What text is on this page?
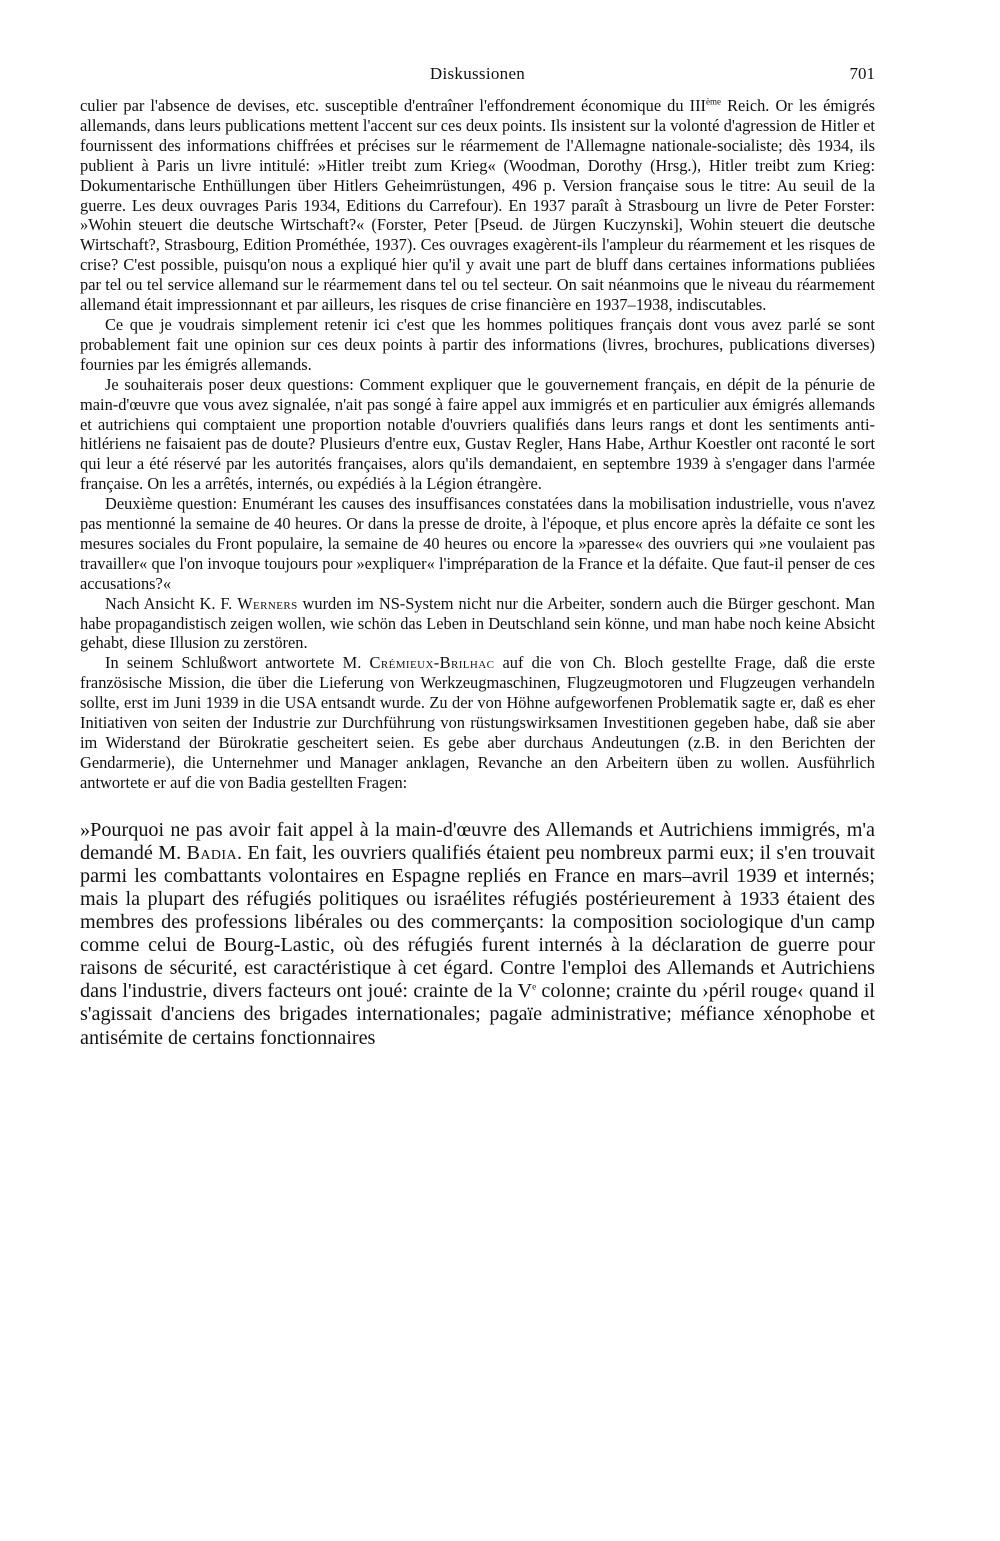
Diskussionen	701

culier par l'absence de devises, etc. susceptible d'entraîner l'effondrement économique du IIIème Reich. Or les émigrés allemands, dans leurs publications mettent l'accent sur ces deux points. Ils insistent sur la volonté d'agression de Hitler et fournissent des informations chiffrées et précises sur le réarmement de l'Allemagne nationale-socialiste; dès 1934, ils publient à Paris un livre intitulé: »Hitler treibt zum Krieg« (Woodman, Dorothy (Hrsg.), Hitler treibt zum Krieg: Dokumentarische Enthüllungen über Hitlers Geheimrüstungen, 496 p. Version française sous le titre: Au seuil de la guerre. Les deux ouvrages Paris 1934, Editions du Carrefour). En 1937 paraît à Strasbourg un livre de Peter Forster: »Wohin steuert die deutsche Wirtschaft?« (Forster, Peter [Pseud. de Jürgen Kuczynski], Wohin steuert die deutsche Wirtschaft?, Strasbourg, Edition Prométhée, 1937). Ces ouvrages exagèrent-ils l'ampleur du réarmement et les risques de crise? C'est possible, puisqu'on nous a expliqué hier qu'il y avait une part de bluff dans certaines informations publiées par tel ou tel service allemand sur le réarmement dans tel ou tel secteur. On sait néanmoins que le niveau du réarmement allemand était impressionnant et par ailleurs, les risques de crise financière en 1937–1938, indiscutables.

Ce que je voudrais simplement retenir ici c'est que les hommes politiques français dont vous avez parlé se sont probablement fait une opinion sur ces deux points à partir des informations (livres, brochures, publications diverses) fournies par les émigrés allemands.

Je souhaiterais poser deux questions: Comment expliquer que le gouvernement français, en dépit de la pénurie de main-d'œuvre que vous avez signalée, n'ait pas songé à faire appel aux immigrés et en particulier aux émigrés allemands et autrichiens qui comptaient une proportion notable d'ouvriers qualifiés dans leurs rangs et dont les sentiments anti-hitlériens ne faisaient pas de doute? Plusieurs d'entre eux, Gustav Regler, Hans Habe, Arthur Koestler ont raconté le sort qui leur a été réservé par les autorités françaises, alors qu'ils demandaient, en septembre 1939 à s'engager dans l'armée française. On les a arrêtés, internés, ou expédiés à la Légion étrangère.

Deuxième question: Enumérant les causes des insuffisances constatées dans la mobilisation industrielle, vous n'avez pas mentionné la semaine de 40 heures. Or dans la presse de droite, à l'époque, et plus encore après la défaite ce sont les mesures sociales du Front populaire, la semaine de 40 heures ou encore la »paresse« des ouvriers qui »ne voulaient pas travailler« que l'on invoque toujours pour »expliquer« l'impréparation de la France et la défaite. Que faut-il penser de ces accusations?«

Nach Ansicht K. F. Werners wurden im NS-System nicht nur die Arbeiter, sondern auch die Bürger geschont. Man habe propagandistisch zeigen wollen, wie schön das Leben in Deutschland sein könne, und man habe noch keine Absicht gehabt, diese Illusion zu zerstören.

In seinem Schlußwort antwortete M. Crémieux-Brilhac auf die von Ch. Bloch gestellte Frage, daß die erste französische Mission, die über die Lieferung von Werkzeugmaschinen, Flugzeugmotoren und Flugzeugen verhandeln sollte, erst im Juni 1939 in die USA entsandt wurde. Zu der von Höhne aufgeworfenen Problematik sagte er, daß es eher Initiativen von seiten der Industrie zur Durchführung von rüstungswirksamen Investitionen gegeben habe, daß sie aber im Widerstand der Bürokratie gescheitert seien. Es gebe aber durchaus Andeutungen (z.B. in den Berichten der Gendarmerie), die Unternehmer und Manager anklagen, Revanche an den Arbeitern üben zu wollen. Ausführlich antwortete er auf die von Badia gestellten Fragen:

»Pourquoi ne pas avoir fait appel à la main-d'œuvre des Allemands et Autrichiens immigrés, m'a demandé M. Badia. En fait, les ouvriers qualifiés étaient peu nombreux parmi eux; il s'en trouvait parmi les combattants volontaires en Espagne repliés en France en mars–avril 1939 et internés; mais la plupart des réfugiés politiques ou israélites réfugiés postérieurement à 1933 étaient des membres des professions libérales ou des commerçants: la composition sociologique d'un camp comme celui de Bourg-Lastic, où des réfugiés furent internés à la déclaration de guerre pour raisons de sécurité, est caractéristique à cet égard. Contre l'emploi des Allemands et Autrichiens dans l'industrie, divers facteurs ont joué: crainte de la Ve colonne; crainte du ›péril rouge‹ quand il s'agissait d'anciens des brigades internationales; pagaïe administrative; méfiance xénophobe et antisémite de certains fonctionnaires
